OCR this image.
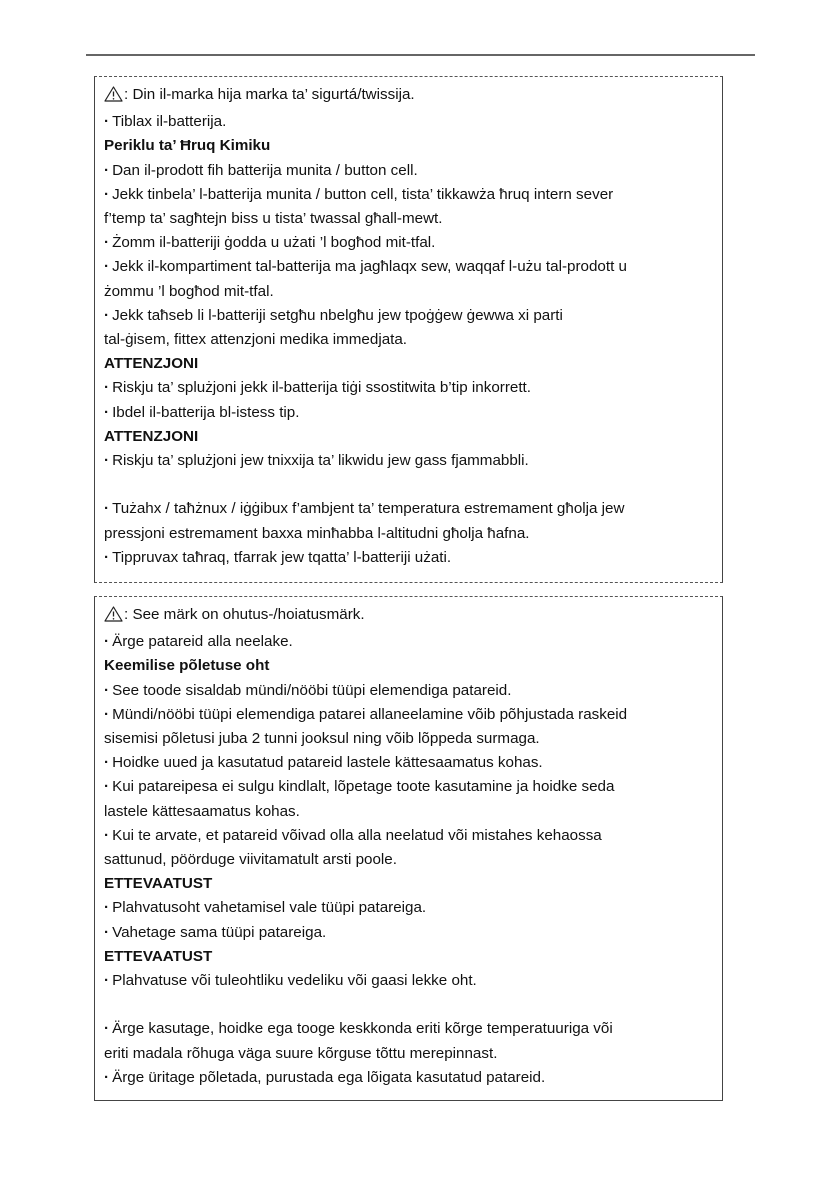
: Din il-marka hija marka ta’ sigurtá/twissija.
· Tiblax il-batterija.
Periklu ta’ Ħruq Kimiku
· Dan il-prodott fih batterija munita / button cell.
· Jekk tinbela’ l-batterija munita / button cell, tista’ tikkawża ħruq intern sever
f’temp ta’ sagħtejn biss u tista’ twassal għall-mewt.
· Żomm il-batteriji ġodda u użati ’l bogħod mit-tfal.
· Jekk il-kompartiment tal-batterija ma jagħlaqx sew, waqqaf l-użu tal-prodott u
żommu ’l bogħod mit-tfal.
· Jekk taħseb li l-batteriji setgħu nbelgħu jew tpoġġew ġewwa xi parti
tal-ġisem, fittex attenzjoni medika immedjata.
ATTENZJONI
· Riskju ta’ splużjoni jekk il-batterija tiġi ssostitwita b’tip inkorrett.
· Ibdel il-batterija bl-istess tip.
ATTENZJONI
· Riskju ta’ splużjoni jew tnixxija ta’ likwidu jew gass fjammabbli.
· Tużahx / taħżnux / iġġibux f’ambjent ta’ temperatura estremament għolja jew
pressjoni estremament baxxa minħabba l-altitudni għolja ħafna.
· Tippruvax taħraq, tfarrak jew tqatta’ l-batteriji użati.
: See märk on ohutus-/hoiatusmärk.
· Ärge patareid alla neelake.
Keemilise põletuse oht
· See toode sisaldab mündi/nööbi tüüpi elemendiga patareid.
· Mündi/nööbi tüüpi elemendiga patarei allaneelamine võib põhjustada raskeid
sisemisi põletusi juba 2 tunni jooksul ning võib lõppeda surmaga.
· Hoidke uued ja kasutatud patareid lastele kättesaamatus kohas.
· Kui patareipesa ei sulgu kindlalt, lõpetage toote kasutamine ja hoidke seda
lastele kättesaamatus kohas.
· Kui te arvate, et patareid võivad olla alla neelatud või mistahes kehaossa
sattunud, pöörduge viivitamatult arsti poole.
ETTEVAATUST
· Plahvatusoht vahetamisel vale tüüpi patareiga.
· Vahetage sama tüüpi patareiga.
ETTEVAATUST
· Plahvatuse või tuleohtliku vedeliku või gaasi lekke oht.
· Ärge kasutage, hoidke ega tooge keskkonda eriti kõrge temperatuuriga või
eriti madala rõhuga väga suure kõrguse tõttu merepinnast.
· Ärge üritage põletada, purustada ega lõigata kasutatud patareid.
